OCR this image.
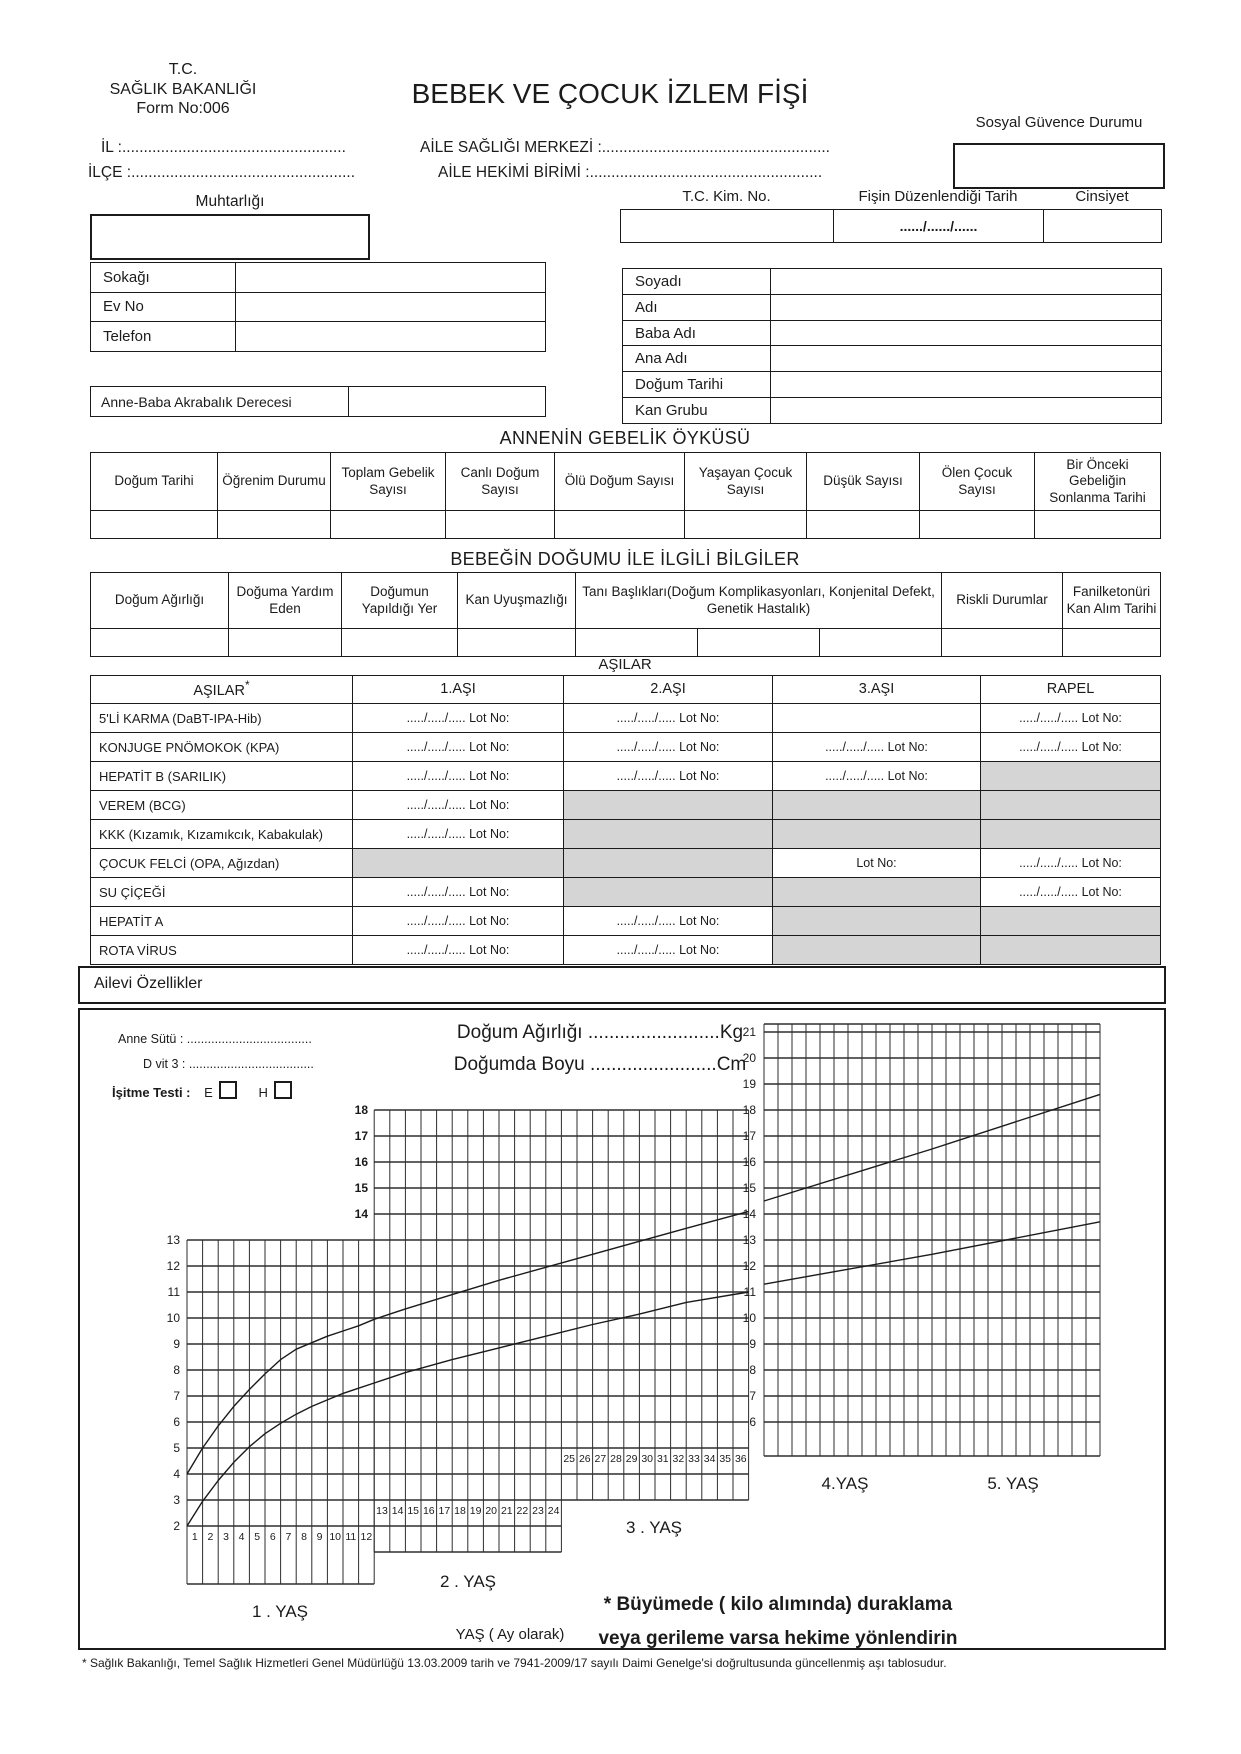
T.C.
SAĞLIK BAKANLIĞI
Form No:006	BEBEK VE ÇOCUK İZLEM FİŞİ
Sosyal Güvence Durumu
İL :....................................................	AİLE SAĞLIĞI MERKEZİ :.....................................................
İLÇE :....................................................	AİLE HEKİMİ BİRİMİ :......................................................
Muhtarlığı	T.C. Kim. No.	Fişin Düzenlendiği Tarih	Cinsiyet
	....../....../......	
Sokağı	
Ev No	
Telefon	
Soyadı	
Adı	
Baba Adı	
Ana Adı	
Doğum Tarihi	
Kan Grubu	
Anne-Baba Akrabalık Derecesi	
ANNENİN GEBELİK ÖYKÜSÜ
Doğum Tarihi	Öğrenim Durumu	Toplam Gebelik Sayısı	Canlı Doğum Sayısı	Ölü Doğum Sayısı	Yaşayan Çocuk Sayısı	Düşük Sayısı	Ölen Çocuk Sayısı	Bir Önceki Gebeliğin Sonlanma Tarihi

BEBEĞİN DOĞUMU İLE İLGİLİ BİLGİLER
Doğum Ağırlığı	Doğuma Yardım Eden	Doğumun Yapıldığı Yer	Kan Uyuşmazlığı	Tanı Başlıkları(Doğum Komplikasyonları, Konjenital Defekt, Genetik Hastalık)			Riskli Durumlar	Fanilketonüri Kan Alım Tarihi

AŞILAR
AŞILAR*	1.AŞI	2.AŞI	3.AŞI	RAPEL
5'Lİ KARMA (DaBT-IPA-Hib)	...../...../..... Lot No:	...../...../..... Lot No:		...../...../..... Lot No:
KONJUGE PNÖMOKOK (KPA)	...../...../..... Lot No:	...../...../..... Lot No:	...../...../..... Lot No:	...../...../..... Lot No:
HEPATİT B (SARILIK)	...../...../..... Lot No:	...../...../..... Lot No:	...../...../..... Lot No:	
VEREM (BCG)	...../...../..... Lot No:			
KKK (Kızamık, Kızamıkcık, Kabakulak)	...../...../..... Lot No:			
ÇOCUK FELCİ (OPA, Ağızdan)			Lot No:	...../...../..... Lot No:
SU ÇİÇEĞİ	...../...../..... Lot No:			...../...../..... Lot No:
HEPATİT A	...../...../..... Lot No:	...../...../..... Lot No:		
ROTA VİRUS	...../...../..... Lot No:	...../...../..... Lot No:		
Ailevi Özellikler
18
17
16
15
14
13
12
11
10
9
8
7
6
5
4
3
2
1 2 3 4 5 6 7 8 9 10 11 12
13 14 15 16 17 18 19 20 21 22 23 24
25 26 27 28 29 30 31 32 33 34 35 36
21
20
19
18
17
16
15
14
13
12
11
10
9
8
7
6
Anne Sütü : ....................................
D vit 3 : ....................................
İşitme Testi : E	H
Doğum Ağırlığı .........................Kg
Doğumda Boyu ........................Cm
1 . YAŞ
2 . YAŞ
3 . YAŞ
4.YAŞ	5. YAŞ
YAŞ ( Ay olarak)
* Büyümede ( kilo alımında) duraklama
veya gerileme varsa hekime yönlendirin
* Sağlık Bakanlığı, Temel Sağlık Hizmetleri Genel Müdürlüğü 13.03.2009 tarih ve 7941-2009/17 sayılı Daimi Genelge'si doğrultusunda güncellenmiş aşı tablosudur.
